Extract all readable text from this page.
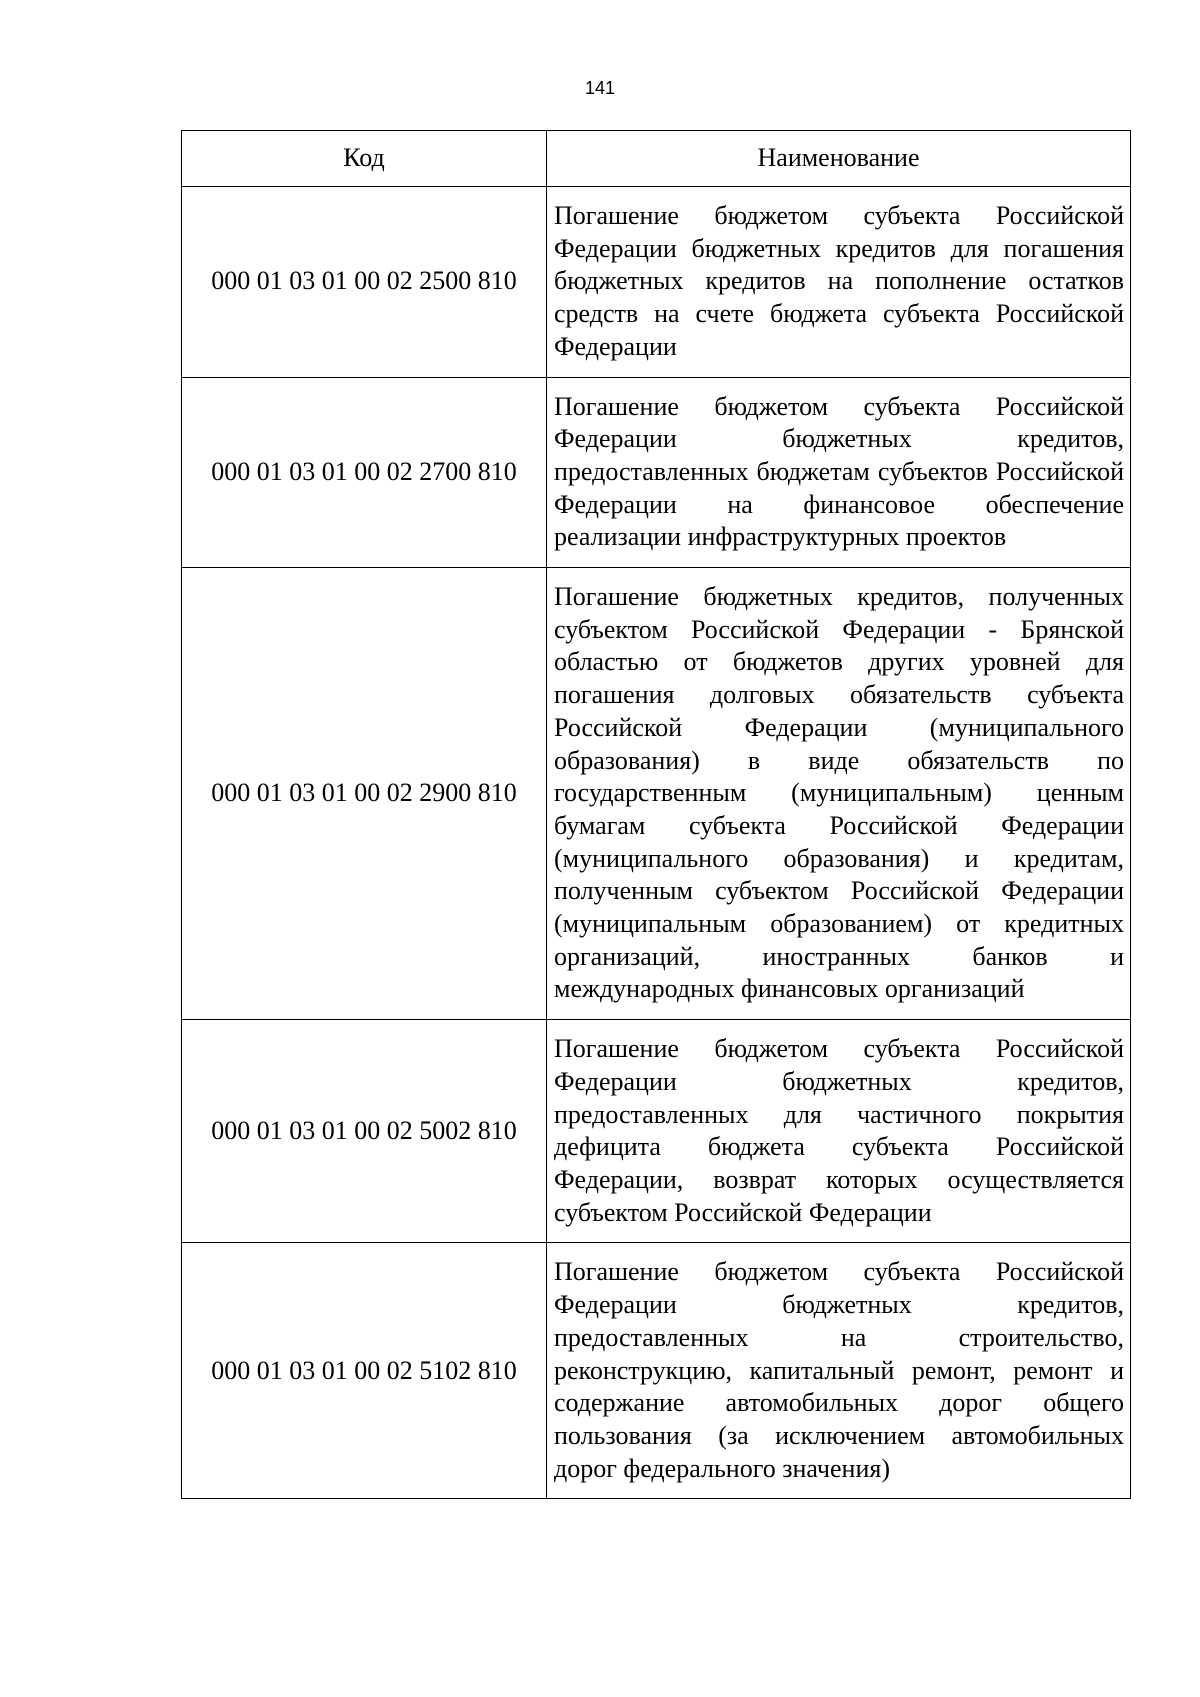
141
Код	Наименование
000 01 03 01 00 02 2500 810	Погашение бюджетом субъекта Российской Федерации бюджетных кредитов для погашения бюджетных кредитов на пополнение остатков средств на счете бюджета субъекта Российской Федерации
000 01 03 01 00 02 2700 810	Погашение бюджетом субъекта Российской Федерации бюджетных кредитов, предоставленных бюджетам субъектов Российской Федерации на финансовое обеспечение реализации инфраструктурных проектов
000 01 03 01 00 02 2900 810	Погашение бюджетных кредитов, полученных субъектом Российской Федерации - Брянской областью от бюджетов других уровней для погашения долговых обязательств субъекта Российской Федерации (муниципального образования) в виде обязательств по государственным (муниципальным) ценным бумагам субъекта Российской Федерации (муниципального образования) и кредитам, полученным субъектом Российской Федерации (муниципальным образованием) от кредитных организаций, иностранных банков и международных финансовых организаций
000 01 03 01 00 02 5002 810	Погашение бюджетом субъекта Российской Федерации бюджетных кредитов, предоставленных для частичного покрытия дефицита бюджета субъекта Российской Федерации, возврат которых осуществляется субъектом Российской Федерации
000 01 03 01 00 02 5102 810	Погашение бюджетом субъекта Российской Федерации бюджетных кредитов, предоставленных на строительство, реконструкцию, капитальный ремонт, ремонт и содержание автомобильных дорог общего пользования (за исключением автомобильных дорог федерального значения)
